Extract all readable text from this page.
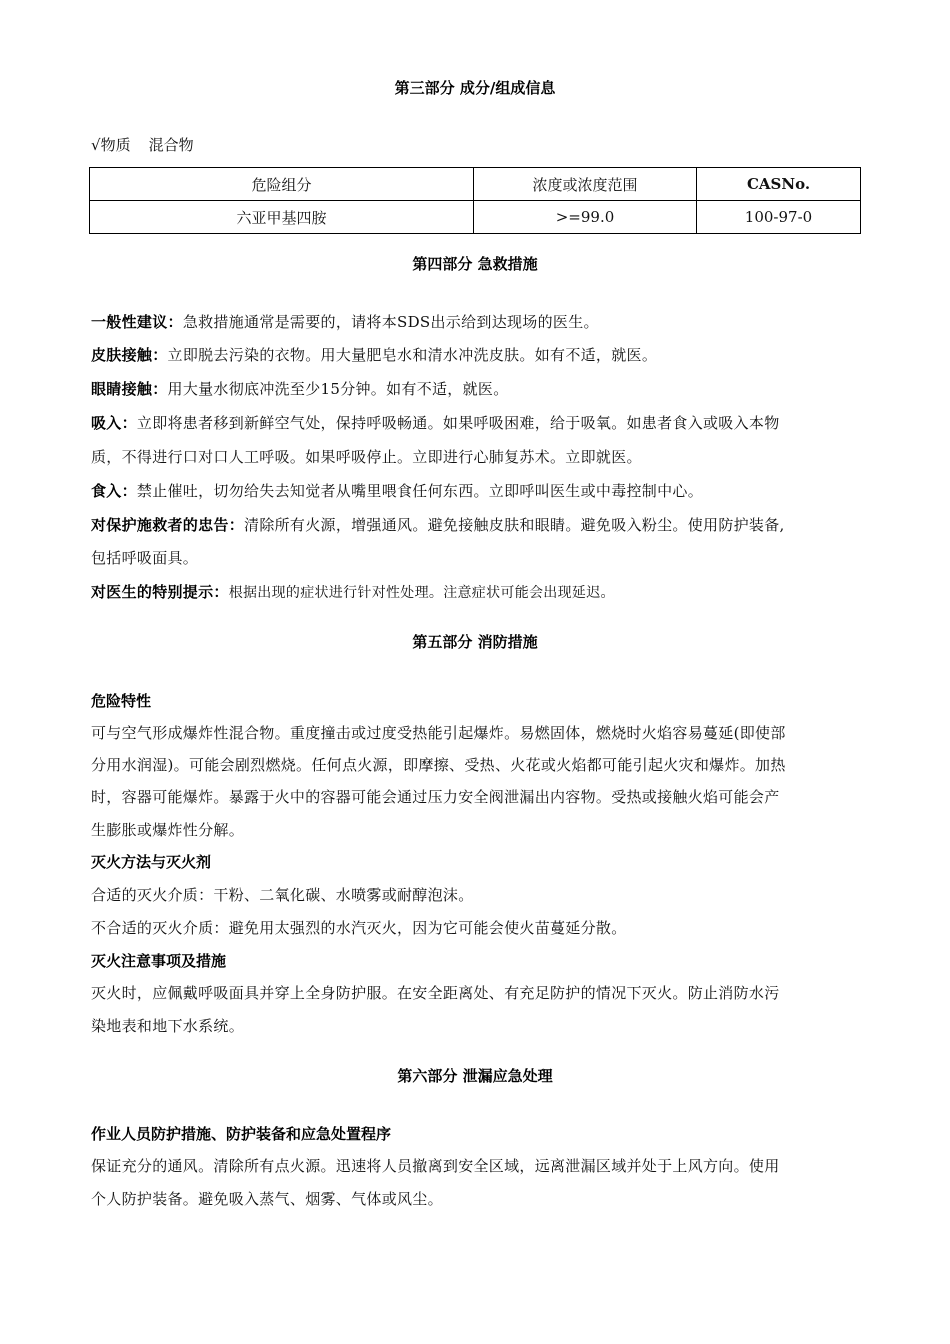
第三部分 成分/组成信息
√物质 混合物
危险组分	浓度或浓度范围	CASNo.
六亚甲基四胺	>=99.0	100-97-0
第四部分 急救措施
一般性建议：急救措施通常是需要的，请将本SDS出示给到达现场的医生。
皮肤接触：立即脱去污染的衣物。用大量肥皂水和清水冲洗皮肤。如有不适，就医。
眼睛接触：用大量水彻底冲洗至少15分钟。如有不适，就医。
吸入：立即将患者移到新鲜空气处，保持呼吸畅通。如果呼吸困难，给于吸氧。如患者食入或吸入本物
质，不得进行口对口人工呼吸。如果呼吸停止。立即进行心肺复苏术。立即就医。
食入：禁止催吐，切勿给失去知觉者从嘴里喂食任何东西。立即呼叫医生或中毒控制中心。
对保护施救者的忠告：清除所有火源，增强通风。避免接触皮肤和眼睛。避免吸入粉尘。使用防护装备,
包括呼吸面具。
对医生的特别提示：根据出现的症状进行针对性处理。注意症状可能会出现延迟。
第五部分 消防措施
危险特性
可与空气形成爆炸性混合物。重度撞击或过度受热能引起爆炸。易燃固体，燃烧时火焰容易蔓延(即使部
分用水润湿)。可能会剧烈燃烧。任何点火源，即摩擦、受热、火花或火焰都可能引起火灾和爆炸。加热
时，容器可能爆炸。暴露于火中的容器可能会通过压力安全阀泄漏出内容物。受热或接触火焰可能会产
生膨胀或爆炸性分解。
灭火方法与灭火剂
合适的灭火介质：干粉、二氧化碳、水喷雾或耐醇泡沫。
不合适的灭火介质：避免用太强烈的水汽灭火，因为它可能会使火苗蔓延分散。
灭火注意事项及措施
灭火时，应佩戴呼吸面具并穿上全身防护服。在安全距离处、有充足防护的情况下灭火。防止消防水污
染地表和地下水系统。
第六部分 泄漏应急处理
作业人员防护措施、防护装备和应急处置程序
保证充分的通风。清除所有点火源。迅速将人员撤离到安全区域，远离泄漏区域并处于上风方向。使用
个人防护装备。避免吸入蒸气、烟雾、气体或风尘。
